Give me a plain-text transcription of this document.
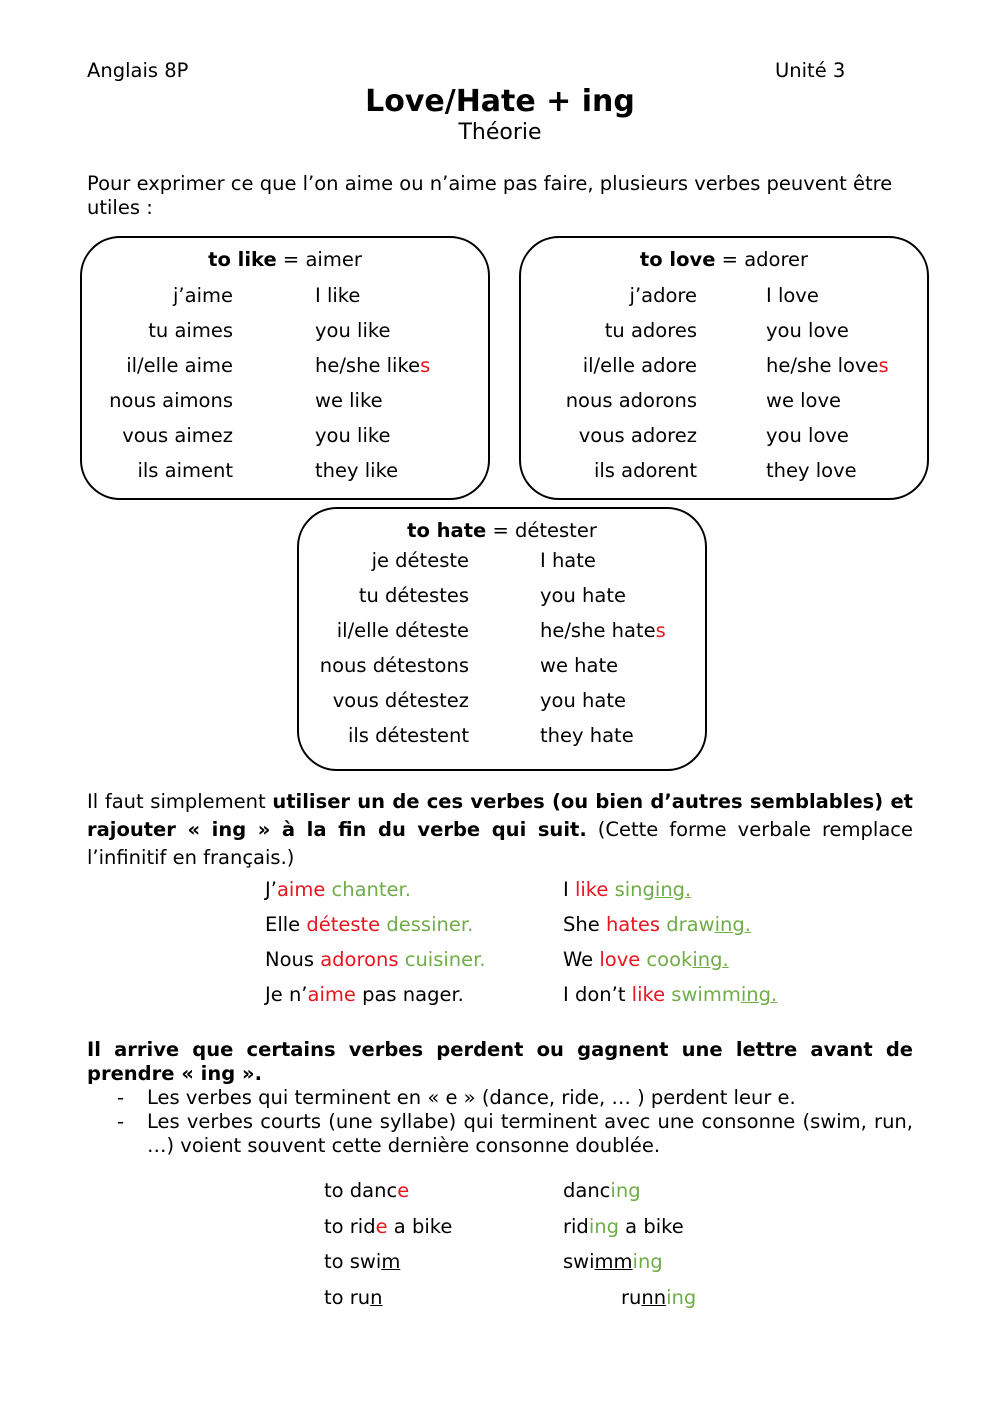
Anglais 8P	Unité 3
Love/Hate + ing
Théorie
Pour exprimer ce que l’on aime ou n’aime pas faire, plusieurs verbes peuvent être utiles :
to like = aimer
j’aime	I like
tu aimes	you like
il/elle aime	he/she likes
nous aimons	we like
vous aimez	you like
ils aiment	they like
to love = adorer
j’adore	I love
tu adores	you love
il/elle adore	he/she loves
nous adorons	we love
vous adorez	you love
ils adorent	they love
to hate = détester
je déteste	I hate
tu détestes	you hate
il/elle déteste	he/she hates
nous détestons	we hate
vous détestez	you hate
ils détestent	they hate
Il faut simplement utiliser un de ces verbes (ou bien d’autres semblables) et rajouter « ing » à la fin du verbe qui suit. (Cette forme verbale remplace l’infinitif en français.)
J’aime chanter.	I like singing.
Elle déteste dessiner.	She hates drawing.
Nous adorons cuisiner.	We love cooking.
Je n’aime pas nager.	I don’t like swimming.
Il arrive que certains verbes perdent ou gagnent une lettre avant de prendre « ing ».
- Les verbes qui terminent en « e » (dance, ride, … ) perdent leur e.
- Les verbes courts (une syllabe) qui terminent avec une consonne (swim, run, …) voient souvent cette dernière consonne doublée.
to dance	dancing
to ride a bike	riding a bike
to swim	swimming
to run	running
